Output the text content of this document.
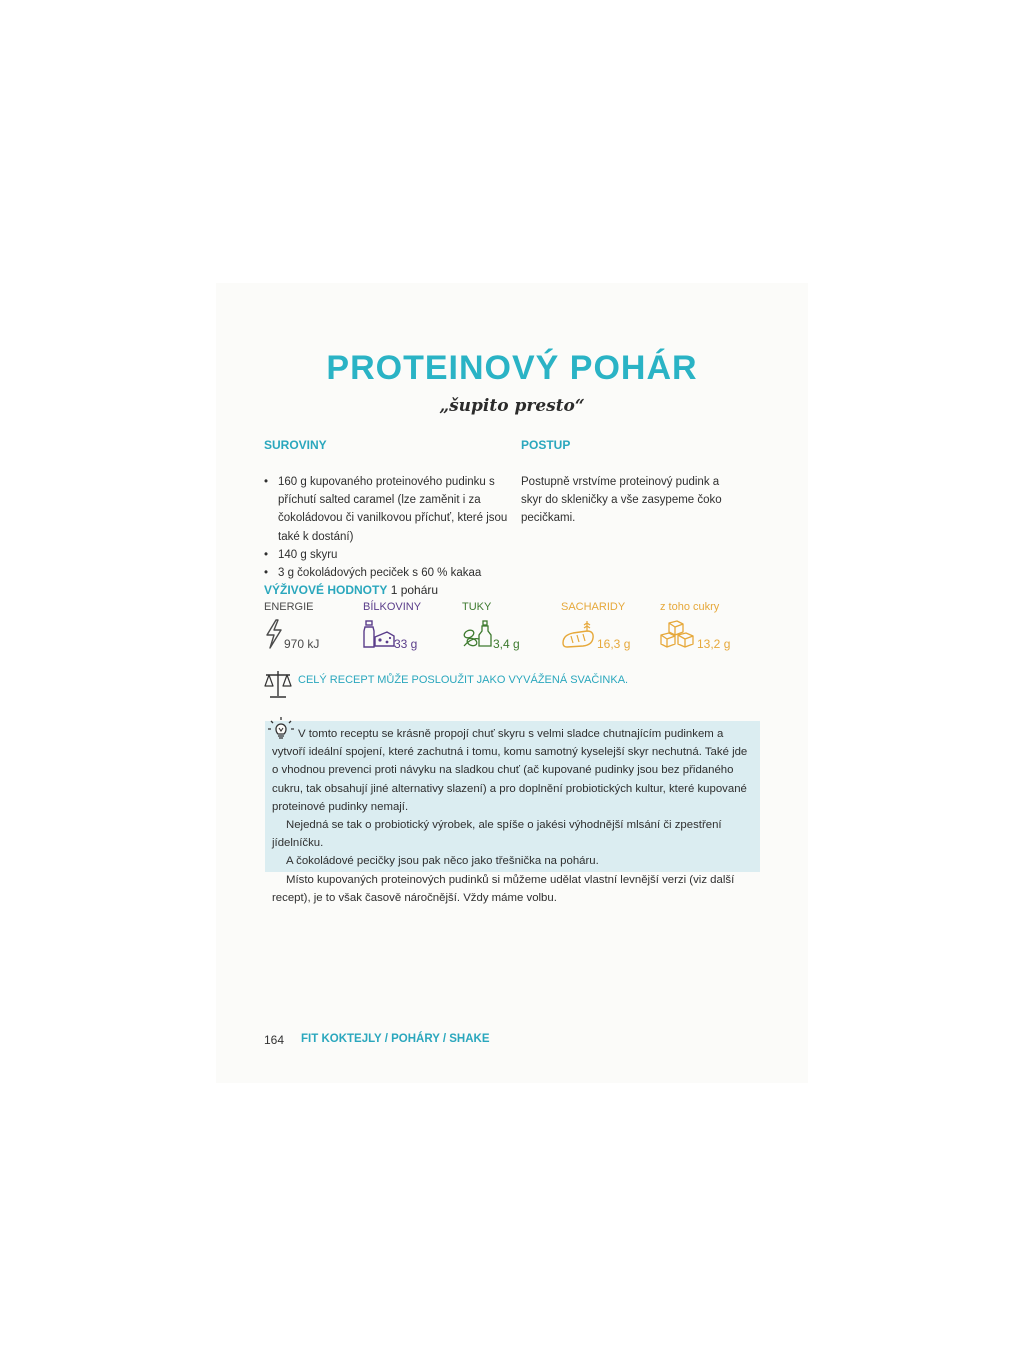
PROTEINOVÝ POHÁR
„šupito presto“
SUROVINY	POSTUP
• 160 g kupovaného proteinového pudinku s příchutí salted caramel (lze zaměnit i za čokoládovou či vanilkovou příchuť, které jsou také k dostání)
• 140 g skyru
• 3 g čokoládových peciček s 60 % kakaa
Postupně vrstvíme proteinový pudink a skyr do skleničky a vše zasypeme čoko pecičkami.
VÝŽIVOVÉ HODNOTY 1 poháru
ENERGIE
970 kJ
BÍLKOVINY
33 g
TUKY
3,4 g
SACHARIDY
16,3 g
z toho cukry
13,2 g
CELÝ RECEPT MŮŽE POSLOUŽIT JAKO VYVÁŽENÁ SVAČINKA.

V tomto receptu se krásně propojí chuť skyru s velmi sladce chutnajícím pudinkem a vytvoří ideální spojení, které zachutná i tomu, komu samotný kyselejší skyr nechutná. Také jde o vhodnou prevenci proti návyku na sladkou chuť (ač kupované pudinky jsou bez přidaného cukru, tak obsahují jiné alternativy slazení) a pro doplnění probiotických kultur, které kupované proteinové pudinky nemají.

Nejedná se tak o probiotický výrobek, ale spíše o jakési výhodnější mlsání či zpestření jídelníčku.

A čokoládové pecičky jsou pak něco jako třešnička na poháru.

Místo kupovaných proteinových pudinků si můžeme udělat vlastní levnější verzi (viz další recept), je to však časově náročnější. Vždy máme volbu.

164 FIT KOKTEJLY / POHÁRY / SHAKE
